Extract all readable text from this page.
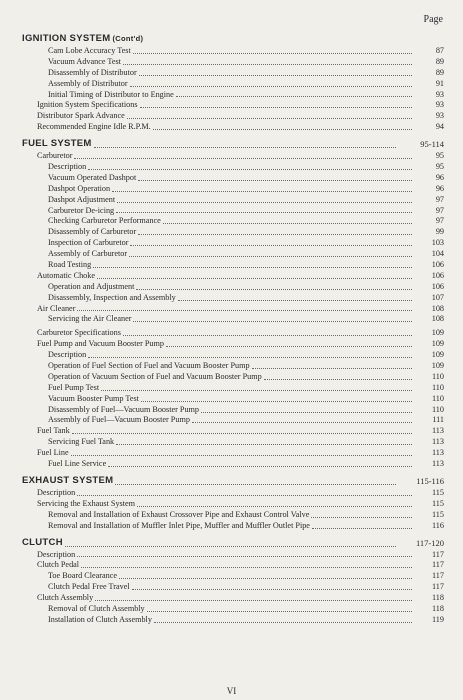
Page
IGNITION SYSTEM (Cont'd)
Cam Lobe Accuracy Test	87
Vacuum Advance Test	89
Disassembly of Distributor	89
Assembly of Distributor	91
Initial Timing of Distributor to Engine	93
Ignition System Specifications	93
Distributor Spark Advance	93
Recommended Engine Idle R.P.M.	94
FUEL SYSTEM	95-114
Carburetor	95
Description	95
Vacuum Operated Dashpot	96
Dashpot Operation	96
Dashpot Adjustment	97
Carburetor De-icing	97
Checking Carburetor Performance	97
Disassembly of Carburetor	99
Inspection of Carburetor	103
Assembly of Carburetor	104
Road Testing	106
Automatic Choke	106
Operation and Adjustment	106
Disassembly, Inspection and Assembly	107
Air Cleaner	108
Servicing the Air Cleaner	108
Carburetor Specifications	109
Fuel Pump and Vacuum Booster Pump	109
Description	109
Operation of Fuel Section of Fuel and Vacuum Booster Pump	109
Operation of Vacuum Section of Fuel and Vacuum Booster Pump	110
Fuel Pump Test	110
Vacuum Booster Pump Test	110
Disassembly of Fuel—Vacuum Booster Pump	110
Assembly of Fuel—Vacuum Booster Pump	111
Fuel Tank	113
Servicing Fuel Tank	113
Fuel Line	113
Fuel Line Service	113
EXHAUST SYSTEM	115-116
Description	115
Servicing the Exhaust System	115
Removal and Installation of Exhaust Crossover Pipe and Exhaust Control Valve	115
Removal and Installation of Muffler Inlet Pipe, Muffler and Muffler Outlet Pipe	116
CLUTCH	117-120
Description	117
Clutch Pedal	117
Toe Board Clearance	117
Clutch Pedal Free Travel	117
Clutch Assembly	118
Removal of Clutch Assembly	118
Installation of Clutch Assembly	119
VI
